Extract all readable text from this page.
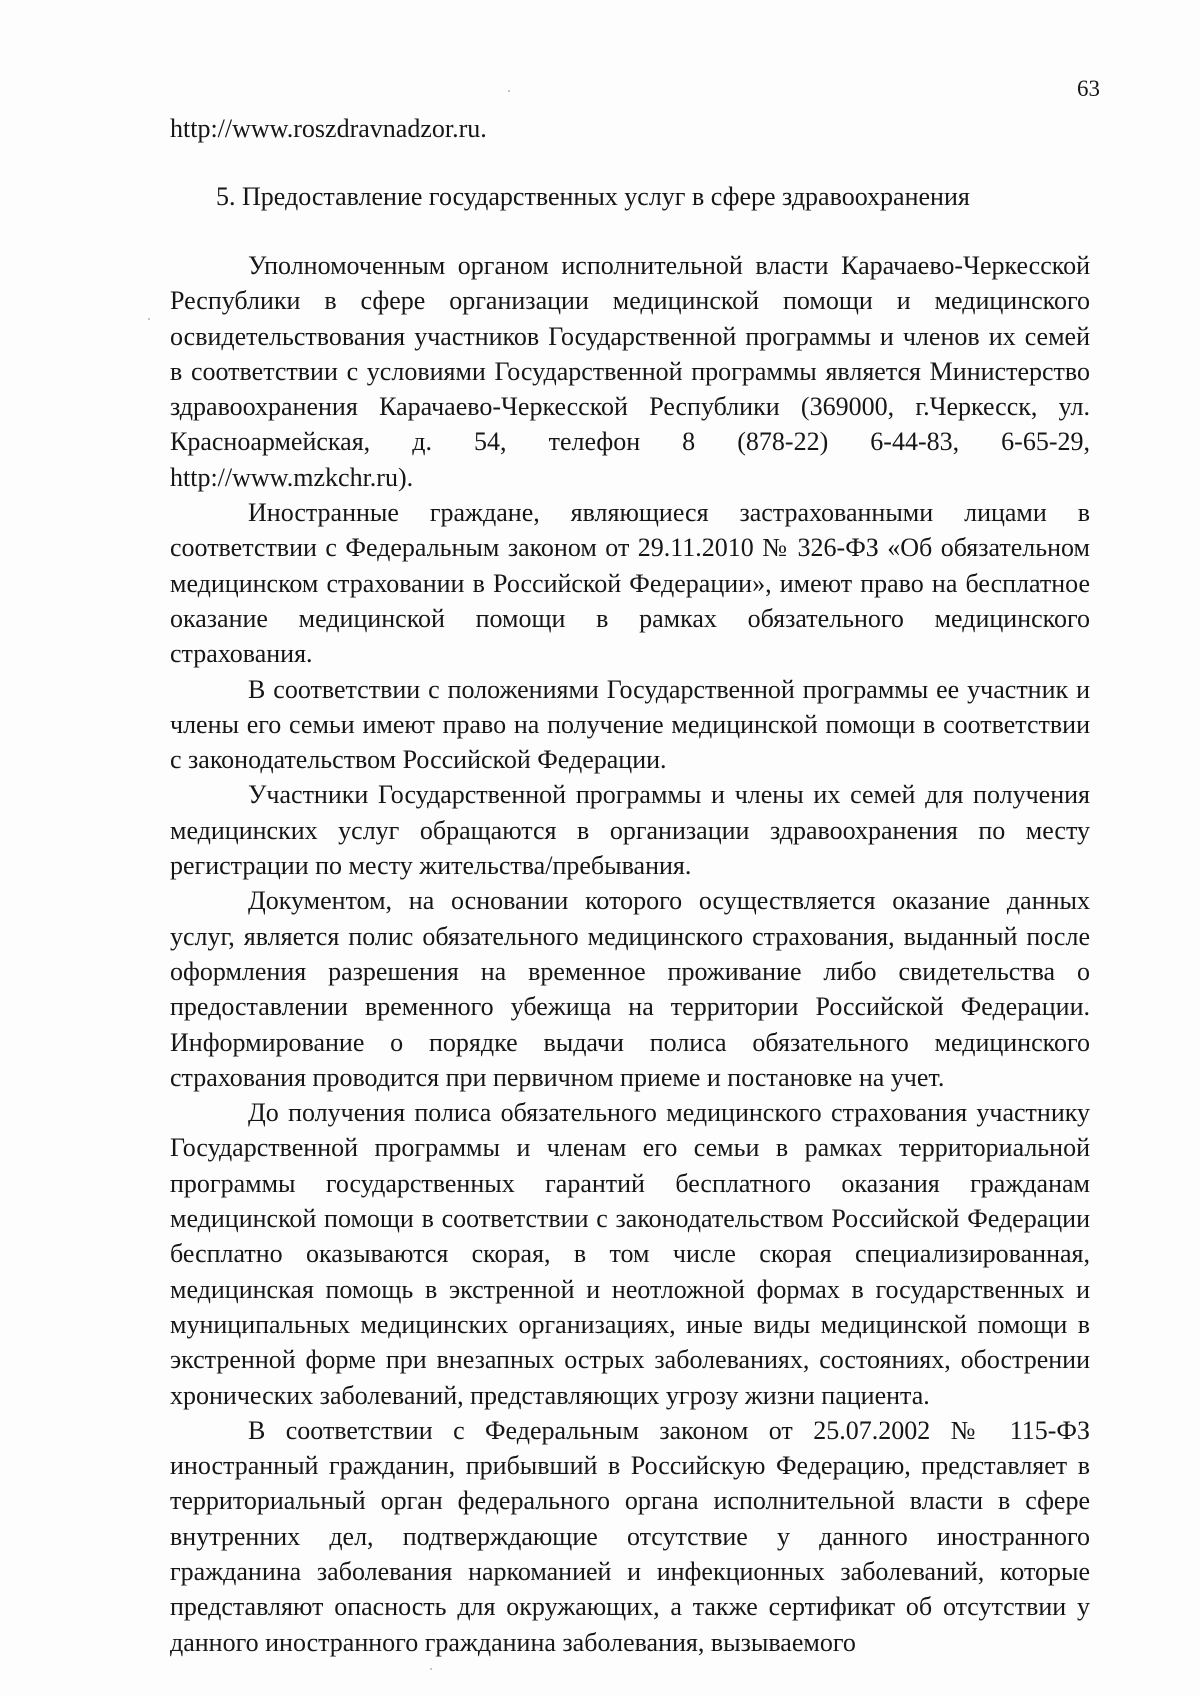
63
http://www.roszdravnadzor.ru.
5. Предоставление государственных услуг в сфере здравоохранения

Уполномоченным органом исполнительной власти Карачаево-Черкесской Республики в сфере организации медицинской помощи и медицинского освидетельствования участников Государственной программы и членов их семей в соответствии с условиями Государственной программы является Министерство здравоохранения Карачаево-Черкесской Республики (369000, г.Черкесск, ул. Красноармейская, д. 54, телефон 8 (878-22) 6-44-83, 6-65-29, http://www.mzkchr.ru).

Иностранные граждане, являющиеся застрахованными лицами в соответствии с Федеральным законом от 29.11.2010 № 326-ФЗ «Об обязательном медицинском страховании в Российской Федерации», имеют право на бесплатное оказание медицинской помощи в рамках обязательного медицинского страхования.

В соответствии с положениями Государственной программы ее участник и члены его семьи имеют право на получение медицинской помощи в соответствии с законодательством Российской Федерации.

Участники Государственной программы и члены их семей для получения медицинских услуг обращаются в организации здравоохранения по месту регистрации по месту жительства/пребывания.

Документом, на основании которого осуществляется оказание данных услуг, является полис обязательного медицинского страхования, выданный после оформления разрешения на временное проживание либо свидетельства о предоставлении временного убежища на территории Российской Федерации. Информирование о порядке выдачи полиса обязательного медицинского страхования проводится при первичном приеме и постановке на учет.

До получения полиса обязательного медицинского страхования участнику Государственной программы и членам его семьи в рамках территориальной программы государственных гарантий бесплатного оказания гражданам медицинской помощи в соответствии с законодательством Российской Федерации бесплатно оказываются скорая, в том числе скорая специализированная, медицинская помощь в экстренной и неотложной формах в государственных и муниципальных медицинских организациях, иные виды медицинской помощи в экстренной форме при внезапных острых заболеваниях, состояниях, обострении хронических заболеваний, представляющих угрозу жизни пациента.

В соответствии с Федеральным законом от 25.07.2002 № 115-ФЗ иностранный гражданин, прибывший в Российскую Федерацию, представляет в территориальный орган федерального органа исполнительной власти в сфере внутренних дел, подтверждающие отсутствие у данного иностранного гражданина заболевания наркоманией и инфекционных заболеваний, которые представляют опасность для окружающих, а также сертификат об отсутствии у данного иностранного гражданина заболевания, вызываемого
